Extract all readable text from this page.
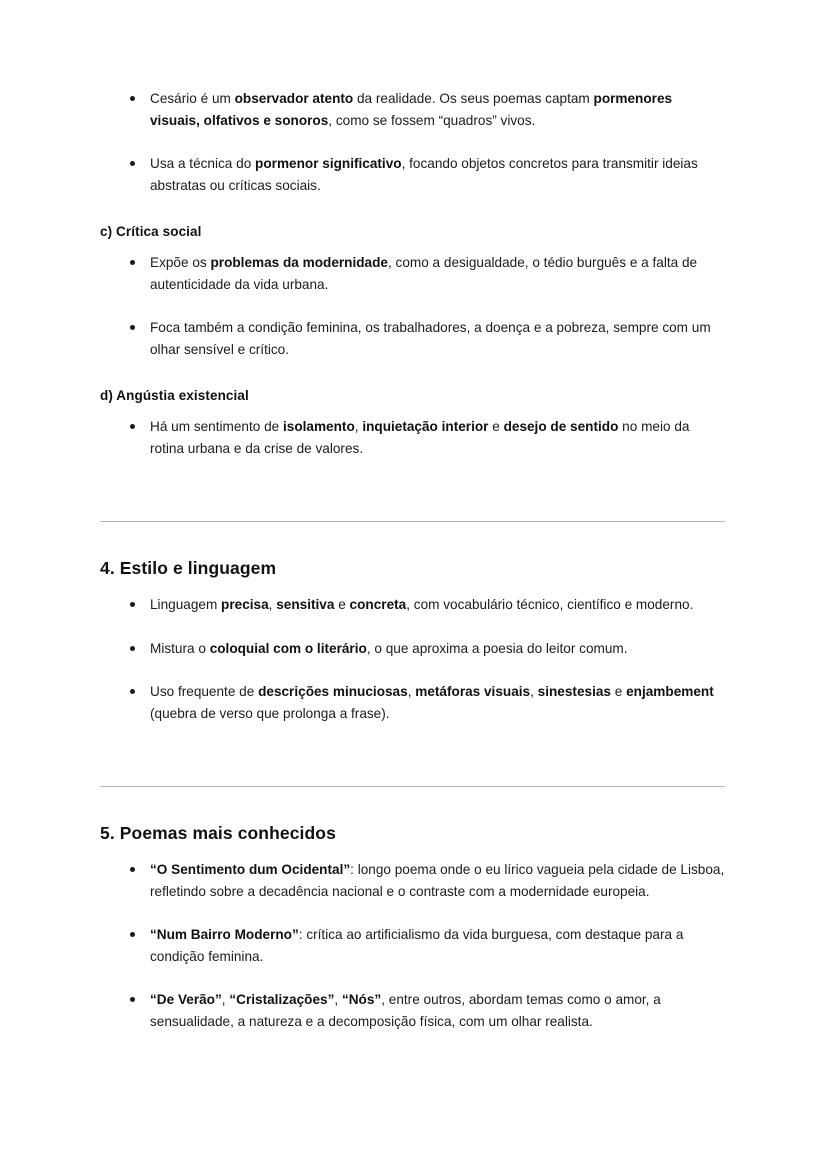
Cesário é um observador atento da realidade. Os seus poemas captam pormenores visuais, olfativos e sonoros, como se fossem “quadros” vivos.
Usa a técnica do pormenor significativo, focando objetos concretos para transmitir ideias abstratas ou críticas sociais.
c) Crítica social
Expõe os problemas da modernidade, como a desigualdade, o tédio burguês e a falta de autenticidade da vida urbana.
Foca também a condição feminina, os trabalhadores, a doença e a pobreza, sempre com um olhar sensível e crítico.
d) Angústia existencial
Há um sentimento de isolamento, inquietação interior e desejo de sentido no meio da rotina urbana e da crise de valores.
4. Estilo e linguagem
Linguagem precisa, sensitiva e concreta, com vocabulário técnico, científico e moderno.
Mistura o coloquial com o literário, o que aproxima a poesia do leitor comum.
Uso frequente de descrições minuciosas, metáforas visuais, sinestesias e enjambement (quebra de verso que prolonga a frase).
5. Poemas mais conhecidos
“O Sentimento dum Ocidental”: longo poema onde o eu lírico vagueia pela cidade de Lisboa, refletindo sobre a decadência nacional e o contraste com a modernidade europeia.
“Num Bairro Moderno”: crítica ao artificialismo da vida burguesa, com destaque para a condição feminina.
“De Verão”, “Cristalizações”, “Nós”, entre outros, abordam temas como o amor, a sensualidade, a natureza e a decomposição física, com um olhar realista.
